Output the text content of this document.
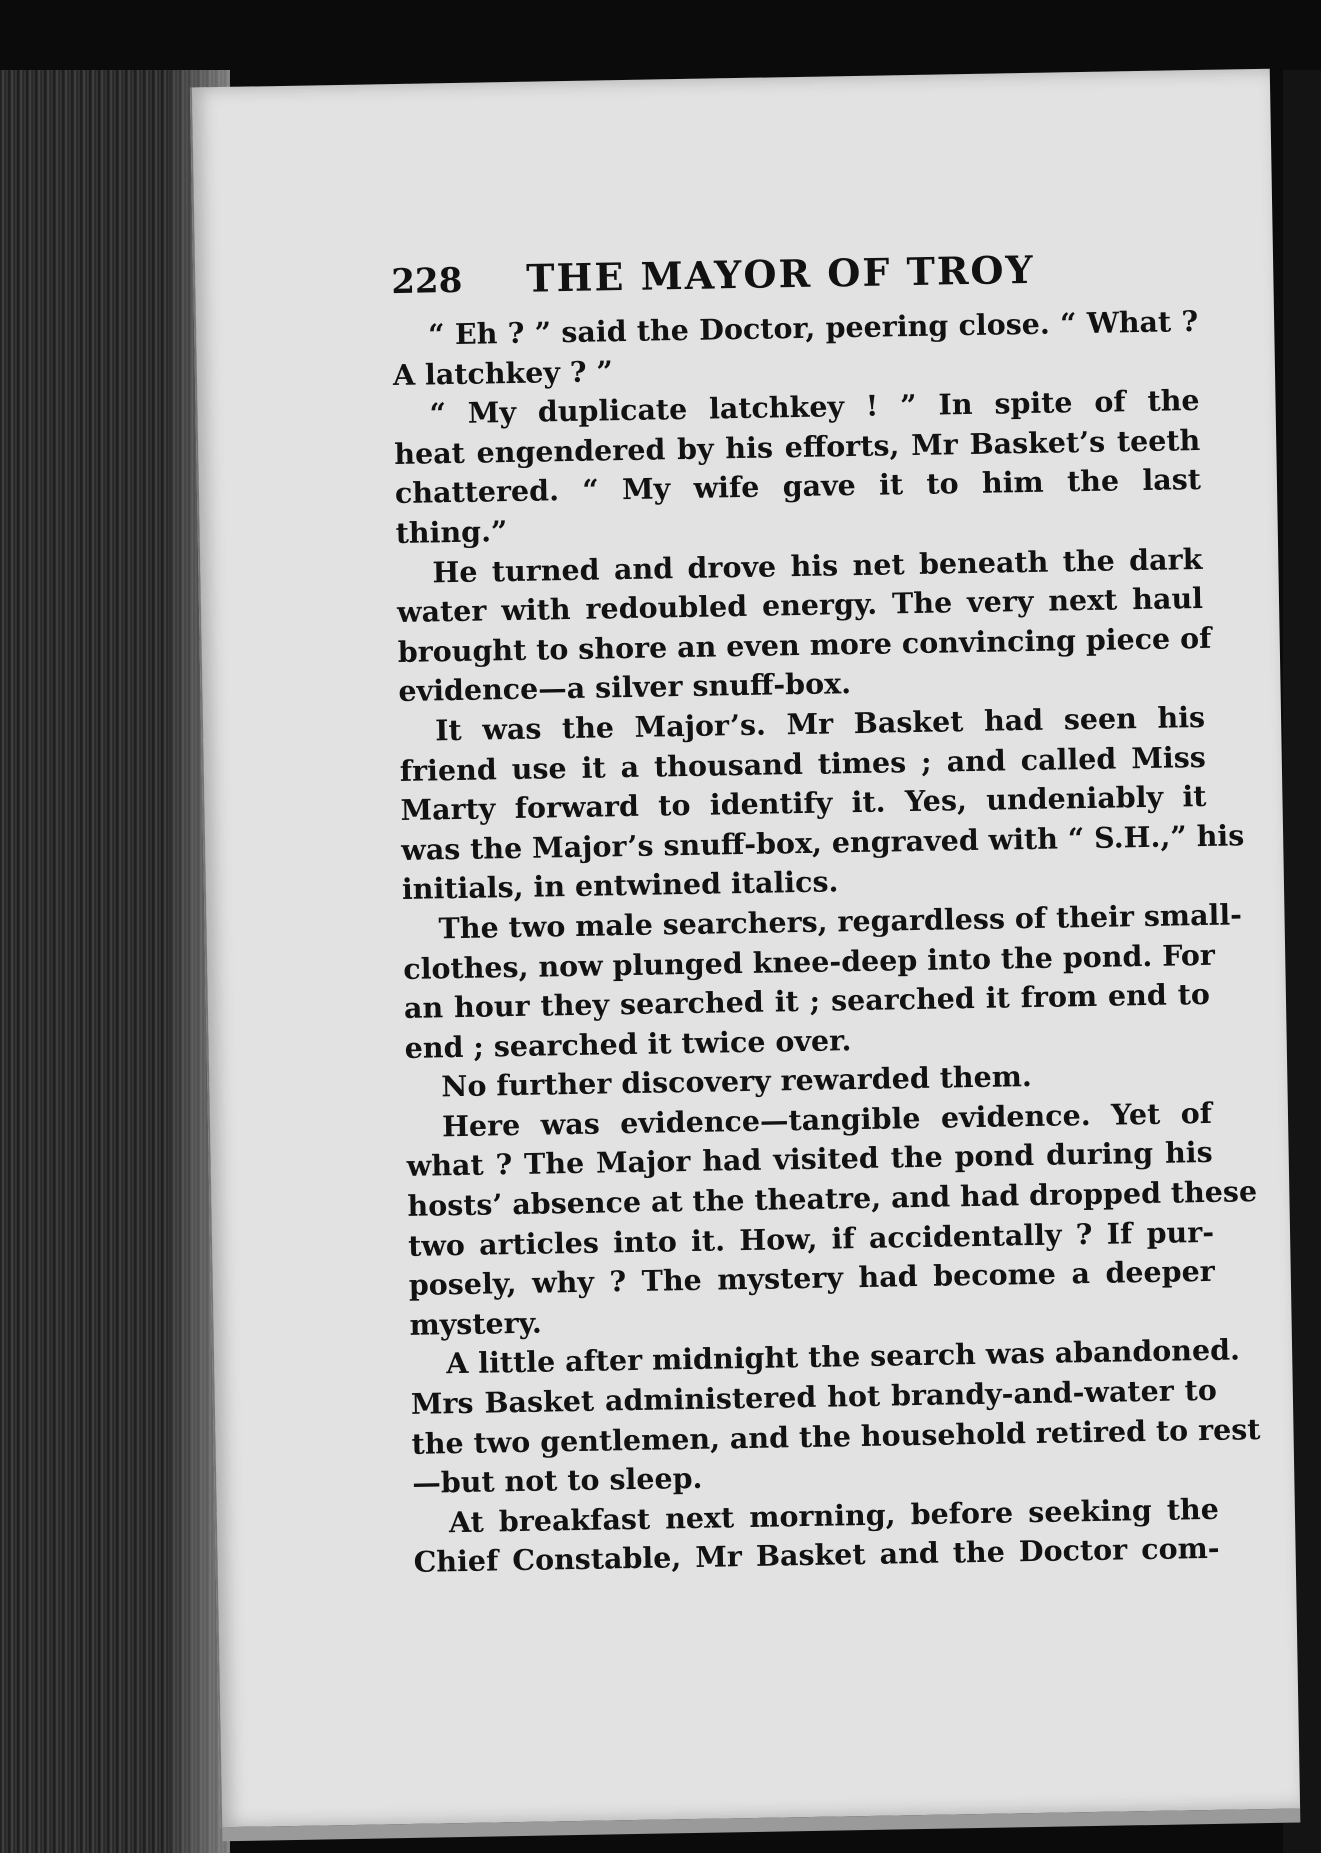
228 THE MAYOR OF TROY
“ Eh ? ” said the Doctor, peering close. “ What ?
A latchkey ? ”
“ My duplicate latchkey ! ” In spite of the
heat engendered by his efforts, Mr Basket’s teeth
chattered. “ My wife gave it to him the last
thing.”
He turned and drove his net beneath the dark
water with redoubled energy. The very next haul
brought to shore an even more convincing piece of
evidence—a silver snuff-box.
It was the Major’s. Mr Basket had seen his
friend use it a thousand times ; and called Miss
Marty forward to identify it. Yes, undeniably it
was the Major’s snuff-box, engraved with “ S.H.,” his
initials, in entwined italics.
The two male searchers, regardless of their small-
clothes, now plunged knee-deep into the pond. For
an hour they searched it ; searched it from end to
end ; searched it twice over.
No further discovery rewarded them.
Here was evidence—tangible evidence. Yet of
what ? The Major had visited the pond during his
hosts’ absence at the theatre, and had dropped these
two articles into it. How, if accidentally ? If pur-
posely, why ? The mystery had become a deeper
mystery.
A little after midnight the search was abandoned.
Mrs Basket administered hot brandy-and-water to
the two gentlemen, and the household retired to rest
—but not to sleep.
At breakfast next morning, before seeking the
Chief Constable, Mr Basket and the Doctor com-
